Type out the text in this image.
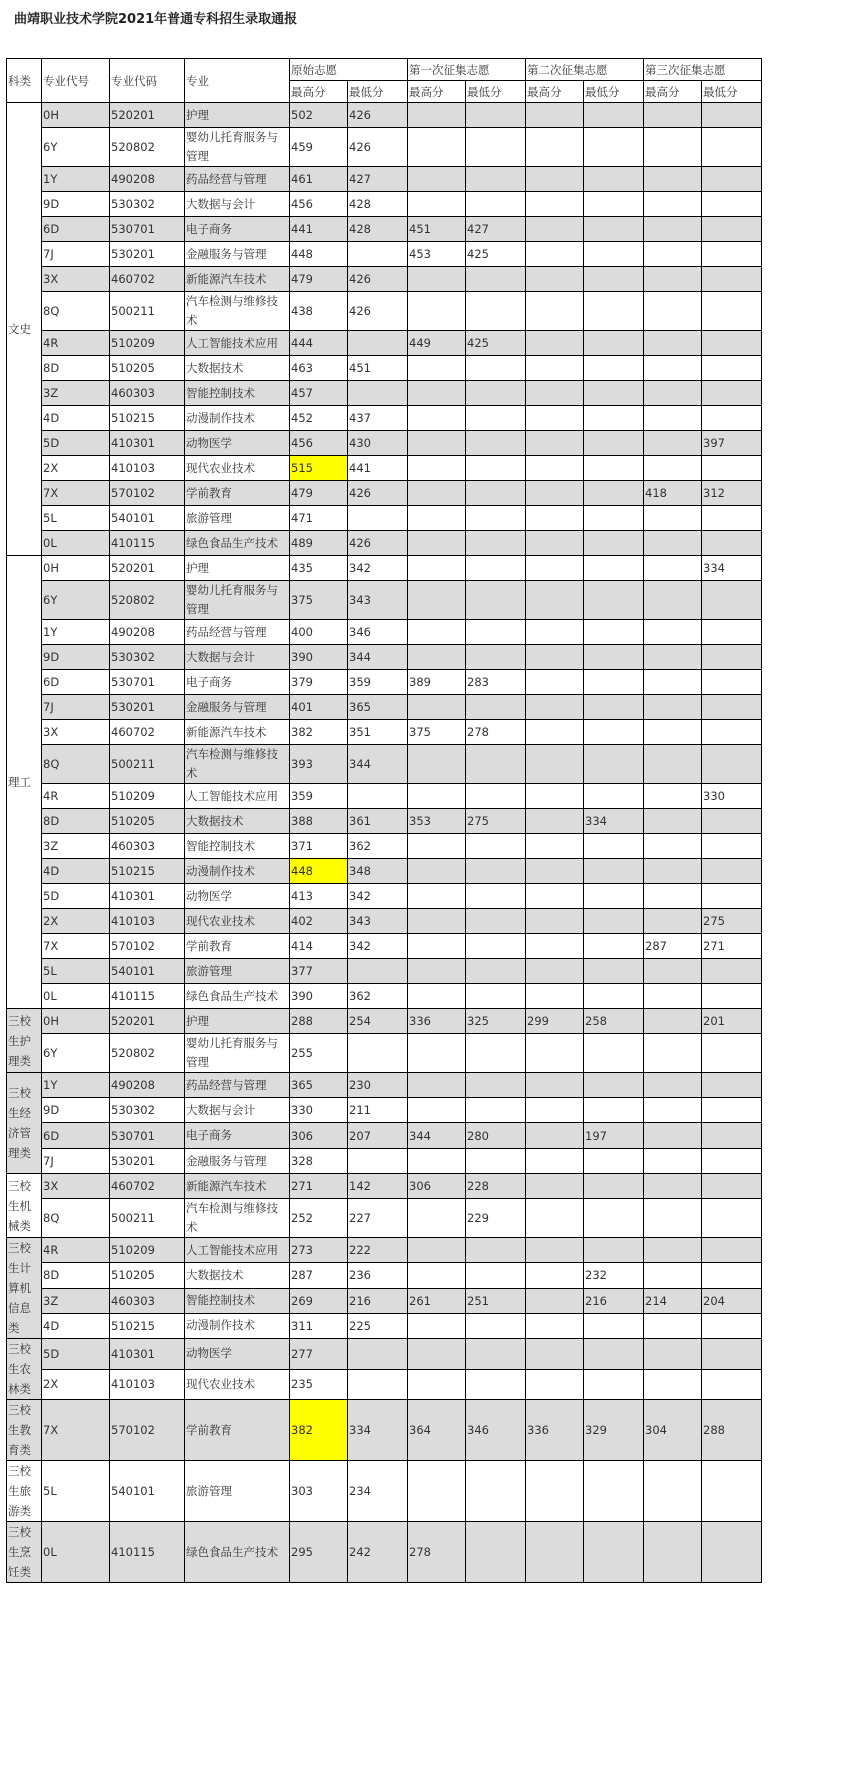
曲靖职业技术学院2021年普通专科招生录取通报
科类	专业代号	专业代码	专业	原始志愿		第一次征集志愿		第二次征集志愿		第三次征集志愿	
				最高分	最低分	最高分	最低分	最高分	最低分	最高分	最低分
文史	0H	520201	护理	502	426						
	6Y	520802	婴幼儿托育服务与管理	459	426						
	1Y	490208	药品经营与管理	461	427						
	9D	530302	大数据与会计	456	428						
	6D	530701	电子商务	441	428	451	427				
	7J	530201	金融服务与管理	448		453	425				
	3X	460702	新能源汽车技术	479	426						
	8Q	500211	汽车检测与维修技术	438	426						
	4R	510209	人工智能技术应用	444		449	425				
	8D	510205	大数据技术	463	451						
	3Z	460303	智能控制技术	457							
	4D	510215	动漫制作技术	452	437						
	5D	410301	动物医学	456	430						397
	2X	410103	现代农业技术	515	441						
	7X	570102	学前教育	479	426					418	312
	5L	540101	旅游管理	471							
	0L	410115	绿色食品生产技术	489	426						
理工	0H	520201	护理	435	342						334
	6Y	520802	婴幼儿托育服务与管理	375	343						
	1Y	490208	药品经营与管理	400	346						
	9D	530302	大数据与会计	390	344						
	6D	530701	电子商务	379	359	389	283				
	7J	530201	金融服务与管理	401	365						
	3X	460702	新能源汽车技术	382	351	375	278				
	8Q	500211	汽车检测与维修技术	393	344						
	4R	510209	人工智能技术应用	359							330
	8D	510205	大数据技术	388	361	353	275		334		
	3Z	460303	智能控制技术	371	362						
	4D	510215	动漫制作技术	448	348						
	5D	410301	动物医学	413	342						
	2X	410103	现代农业技术	402	343						275
	7X	570102	学前教育	414	342					287	271
	5L	540101	旅游管理	377							
	0L	410115	绿色食品生产技术	390	362						
三校生护理类	0H	520201	护理	288	254	336	325	299	258		201
	6Y	520802	婴幼儿托育服务与管理	255							
三校生经济管理类	1Y	490208	药品经营与管理	365	230						
	9D	530302	大数据与会计	330	211						
	6D	530701	电子商务	306	207	344	280		197		
	7J	530201	金融服务与管理	328							
三校生机械类	3X	460702	新能源汽车技术	271	142	306	228				
	8Q	500211	汽车检测与维修技术	252	227		229				
三校生计算机信息类	4R	510209	人工智能技术应用	273	222						
	8D	510205	大数据技术	287	236				232		
	3Z	460303	智能控制技术	269	216	261	251		216	214	204
	4D	510215	动漫制作技术	311	225						
三校生农林类	5D	410301	动物医学	277							
	2X	410103	现代农业技术	235							
三校生教育类	7X	570102	学前教育	382	334	364	346	336	329	304	288
三校生旅游类	5L	540101	旅游管理	303	234						
三校生烹饪类	0L	410115	绿色食品生产技术	295	242	278					
